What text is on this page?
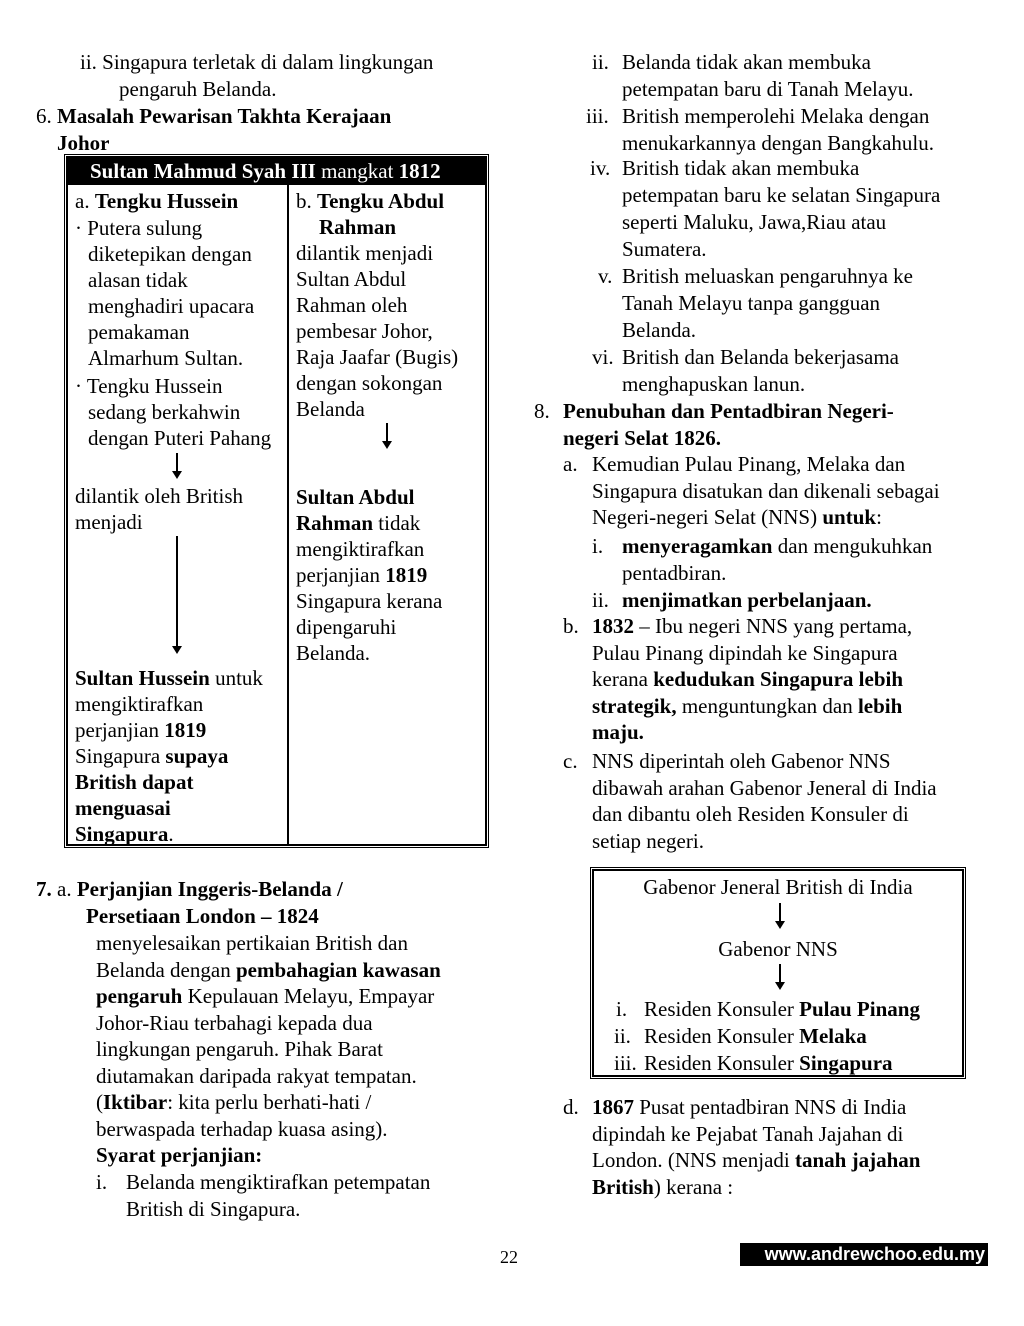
ii. Singapura terletak di dalam lingkungan
pengaruh Belanda.
6. Masalah Pewarisan Takhta Kerajaan
Johor
Sultan Mahmud Syah III mangkat 1812
a. Tengku Hussein
· Putera sulung
diketepikan dengan
alasan tidak
menghadiri upacara
pemakaman
Almarhum Sultan.
· Tengku Hussein
sedang berkahwin
dengan Puteri Pahang
dilantik oleh British
menjadi
Sultan Hussein untuk
mengiktirafkan
perjanjian 1819
Singapura supaya
British dapat
menguasai
Singapura.
b. Tengku Abdul
Rahman
dilantik menjadi
Sultan Abdul
Rahman oleh
pembesar Johor,
Raja Jaafar (Bugis)
dengan sokongan
Belanda
Sultan Abdul
Rahman tidak
mengiktirafkan
perjanjian 1819
Singapura kerana
dipengaruhi
Belanda.
7. a. Perjanjian Inggeris-Belanda /
Persetiaan London – 1824
menyelesaikan pertikaian British dan
Belanda dengan pembahagian kawasan
pengaruh Kepulauan Melayu, Empayar
Johor-Riau terbahagi kepada dua
lingkungan pengaruh. Pihak Barat
diutamakan daripada rakyat tempatan.
(Iktibar: kita perlu berhati-hati /
berwaspada terhadap kuasa asing).
Syarat perjanjian:
i. Belanda mengiktirafkan petempatan
British di Singapura.
ii. Belanda tidak akan membuka
petempatan baru di Tanah Melayu.
iii. British memperolehi Melaka dengan
menukarkannya dengan Bangkahulu.
iv. British tidak akan membuka
petempatan baru ke selatan Singapura
seperti Maluku, Jawa,Riau atau
Sumatera.
v. British meluaskan pengaruhnya ke
Tanah Melayu tanpa gangguan
Belanda.
vi. British dan Belanda bekerjasama
menghapuskan lanun.
8. Penubuhan dan Pentadbiran Negeri-
negeri Selat 1826.
a. Kemudian Pulau Pinang, Melaka dan
Singapura disatukan dan dikenali sebagai
Negeri-negeri Selat (NNS) untuk:
i. menyeragamkan dan mengukuhkan
pentadbiran.
ii. menjimatkan perbelanjaan.
b. 1832 – Ibu negeri NNS yang pertama,
Pulau Pinang dipindah ke Singapura
kerana kedudukan Singapura lebih
strategik, menguntungkan dan lebih
maju.
c. NNS diperintah oleh Gabenor NNS
dibawah arahan Gabenor Jeneral di India
dan dibantu oleh Residen Konsuler di
setiap negeri.
Gabenor Jeneral British di India
Gabenor NNS
i. Residen Konsuler Pulau Pinang
ii. Residen Konsuler Melaka
iii. Residen Konsuler Singapura
d. 1867 Pusat pentadbiran NNS di India
dipindah ke Pejabat Tanah Jajahan di
London. (NNS menjadi tanah jajahan
British) kerana :
22	www.andrewchoo.edu.my
